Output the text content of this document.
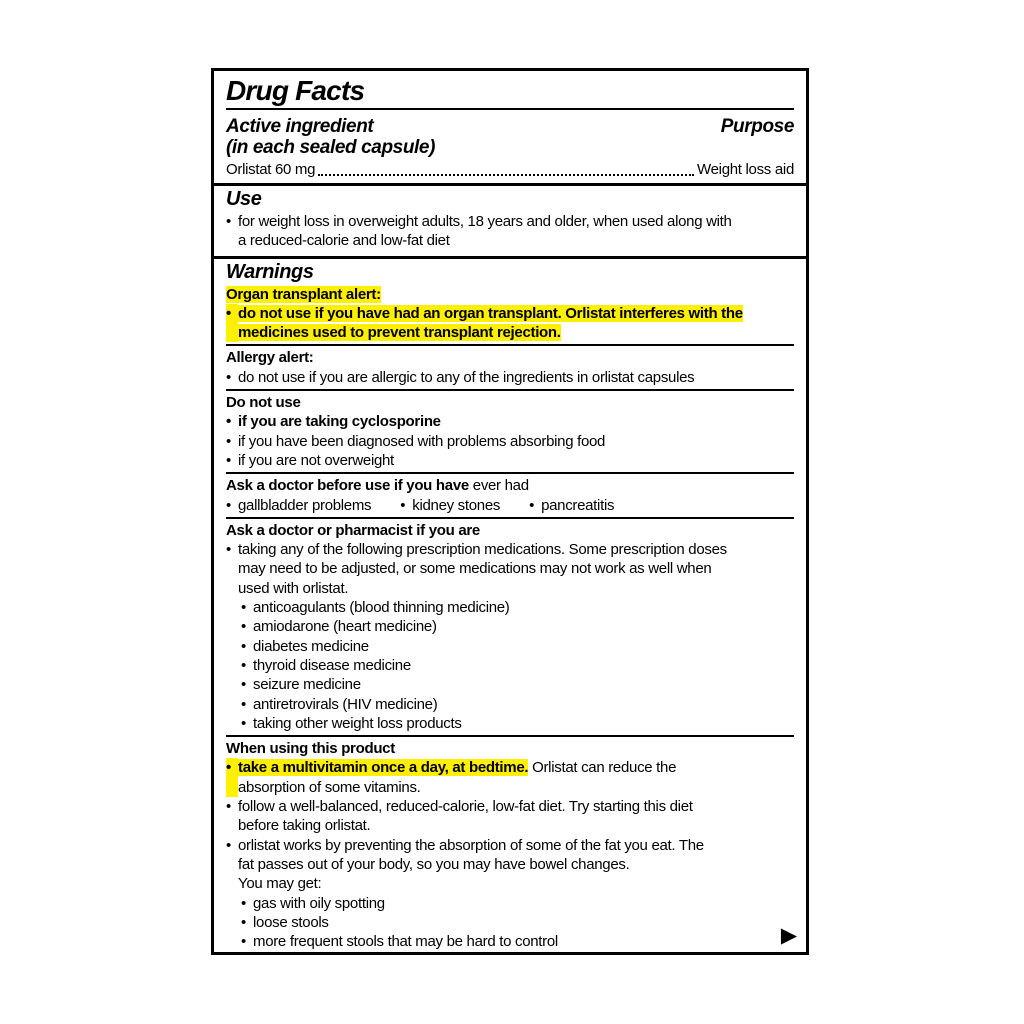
Drug Facts
Active ingredient	Purpose
(in each sealed capsule)
Orlistat 60 mg	Weight loss aid
Use
• for weight loss in overweight adults, 18 years and older, when used along with
a reduced-calorie and low-fat diet
Warnings
Organ transplant alert:
• do not use if you have had an organ transplant. Orlistat interferes with the
medicines used to prevent transplant rejection.
Allergy alert:
• do not use if you are allergic to any of the ingredients in orlistat capsules
Do not use
• if you are taking cyclosporine
• if you have been diagnosed with problems absorbing food
• if you are not overweight
Ask a doctor before use if you have ever had
• gallbladder problems • kidney stones • pancreatitis
Ask a doctor or pharmacist if you are
• taking any of the following prescription medications. Some prescription doses
may need to be adjusted, or some medications may not work as well when
used with orlistat.
• anticoagulants (blood thinning medicine)
• amiodarone (heart medicine)
• diabetes medicine
• thyroid disease medicine
• seizure medicine
• antiretrovirals (HIV medicine)
• taking other weight loss products
When using this product
• take a multivitamin once a day, at bedtime. Orlistat can reduce the
absorption of some vitamins.
• follow a well-balanced, reduced-calorie, low-fat diet. Try starting this diet
before taking orlistat.
• orlistat works by preventing the absorption of some of the fat you eat. The
fat passes out of your body, so you may have bowel changes.
You may get:
• gas with oily spotting
• loose stools
• more frequent stools that may be hard to control	▶
